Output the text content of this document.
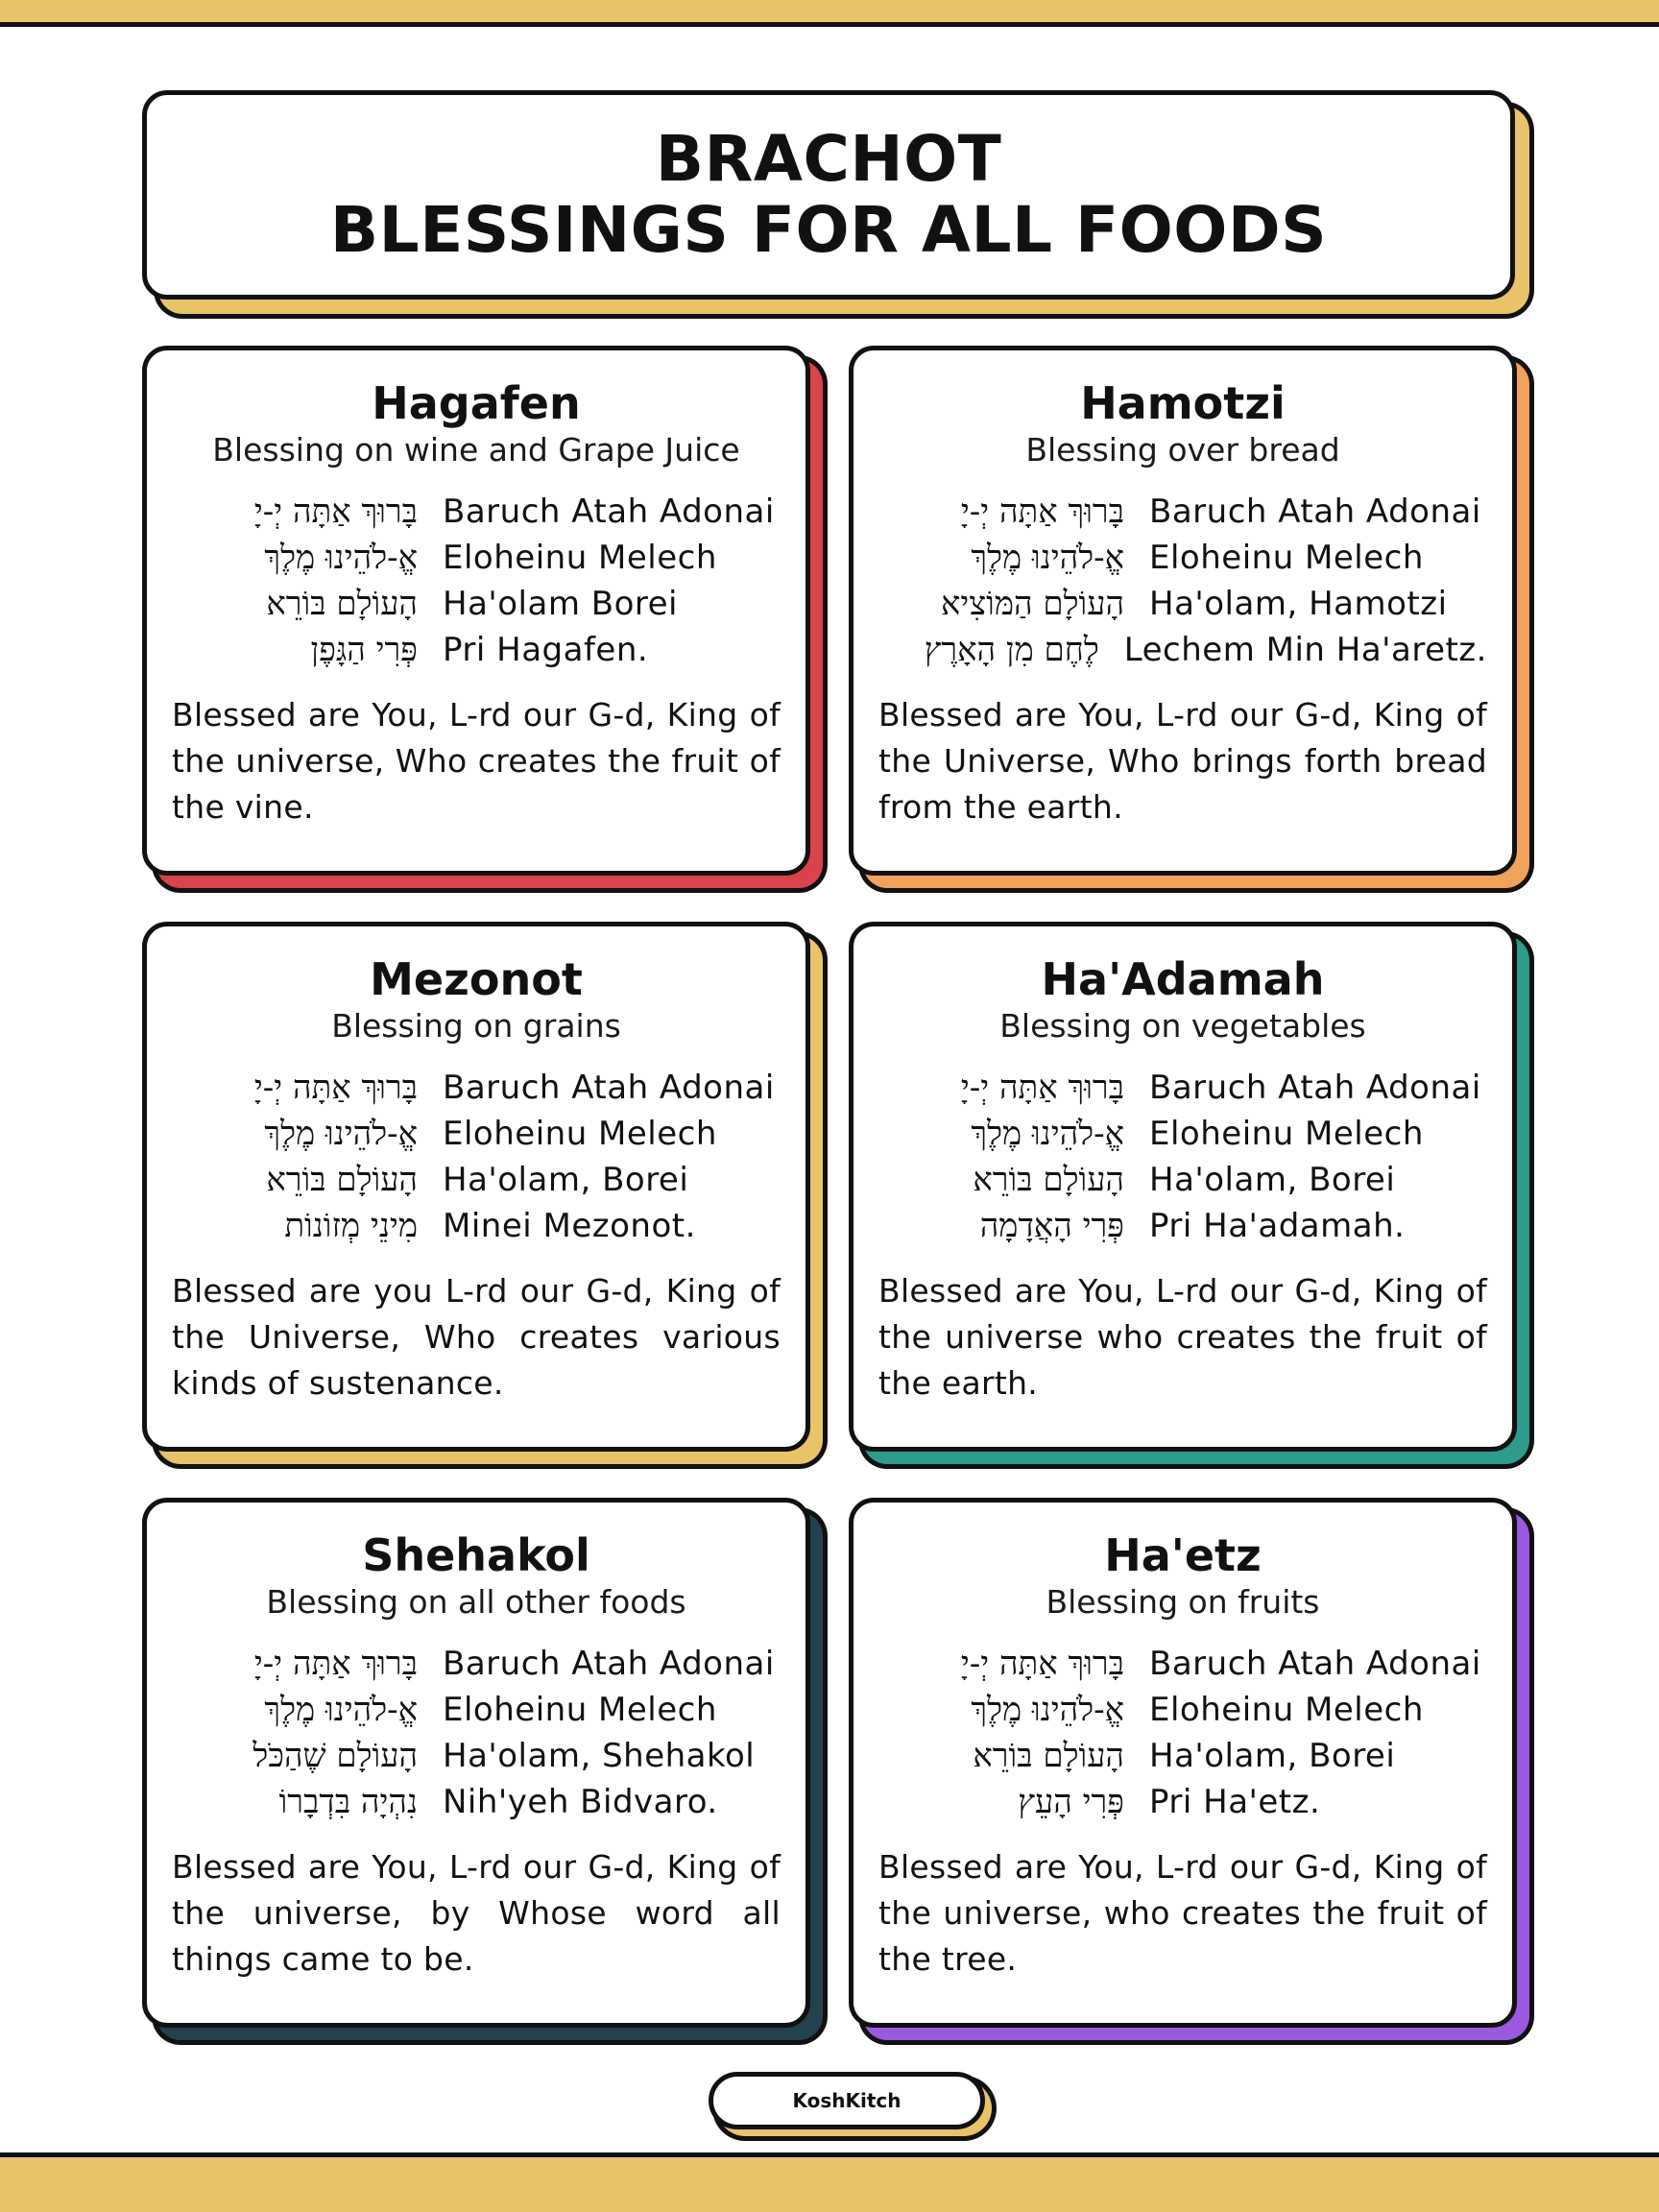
BRACHOT
BLESSINGS FOR ALL FOODS
Hagafen
Blessing on wine and Grape Juice
בָּרוּךְ אַתָּה יְ-יָ Baruch Atah Adonai
אֱ-לֹהֵינוּ מֶלֶךְ Eloheinu Melech
הָעוֹלָם בּוֹרֵא Ha'olam Borei
פְּרִי הַגָּפֶן Pri Hagafen.
Blessed are You, L-rd our G-d, King of the universe, Who creates the fruit of the vine.
Hamotzi
Blessing over bread
בָּרוּךְ אַתָּה יְ-יָ Baruch Atah Adonai
אֱ-לֹהֵינוּ מֶלֶךְ Eloheinu Melech
הָעוֹלָם הַמּוֹצִיא Ha'olam, Hamotzi
לֶחֶם מִן הָאָרֶץ Lechem Min Ha'aretz.
Blessed are You, L-rd our G-d, King of the Universe, Who brings forth bread from the earth.
Mezonot
Blessing on grains
בָּרוּךְ אַתָּה יְ-יָ Baruch Atah Adonai
אֱ-לֹהֵינוּ מֶלֶךְ Eloheinu Melech
הָעוֹלָם בּוֹרֵא Ha'olam, Borei
מִינֵי מְזוֹנוֹת Minei Mezonot.
Blessed are you L-rd our G-d, King of the Universe, Who creates various kinds of sustenance.
Ha'Adamah
Blessing on vegetables
בָּרוּךְ אַתָּה יְ-יָ Baruch Atah Adonai
אֱ-לֹהֵינוּ מֶלֶךְ Eloheinu Melech
הָעוֹלָם בּוֹרֵא Ha'olam, Borei
פְּרִי הָאֲדָמָה Pri Ha'adamah.
Blessed are You, L-rd our G-d, King of the universe who creates the fruit of the earth.
Shehakol
Blessing on all other foods
בָּרוּךְ אַתָּה יְ-יָ Baruch Atah Adonai
אֱ-לֹהֵינוּ מֶלֶךְ Eloheinu Melech
הָעוֹלָם שֶׁהַכֹּל Ha'olam, Shehakol
נִהְיָה בִּדְבָרוֹ Nih'yeh Bidvaro.
Blessed are You, L-rd our G-d, King of the universe, by Whose word all things came to be.
Ha'etz
Blessing on fruits
בָּרוּךְ אַתָּה יְ-יָ Baruch Atah Adonai
אֱ-לֹהֵינוּ מֶלֶךְ Eloheinu Melech
הָעוֹלָם בּוֹרֵא Ha'olam, Borei
פְּרִי הָעֵץ Pri Ha'etz.
Blessed are You, L-rd our G-d, King of the universe, who creates the fruit of the tree.
KoshKitch
